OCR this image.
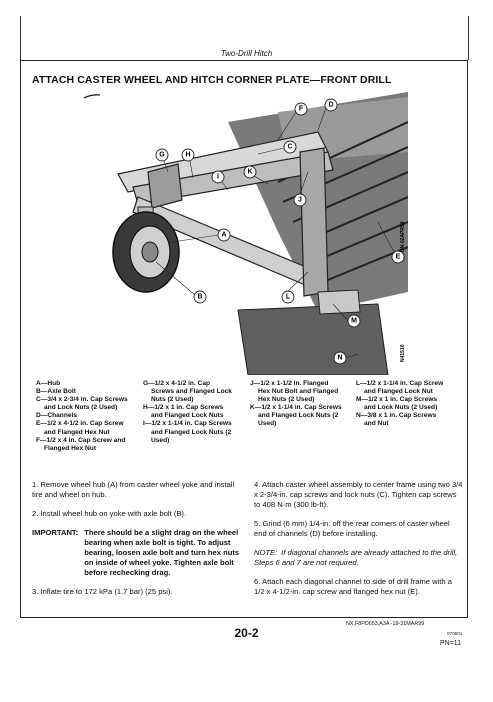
Two-Drill Hitch
ATTACH CASTER WHEEL AND HITCH CORNER PLATE—FRONT DRILL
A
B
C
D
E
F
G	H
I
J
K
L
M
N	N41510
UN-02APR99
A—Hub
B—Axle Bolt
C—3/4 x 2-3/4 in. Cap Screws
and Lock Nuts (2 Used)
D—Channels
E—1/2 x 4-1/2 in. Cap Screw
and Flanged Hex Nut
F—1/2 x 4 in. Cap Screw and
Flanged Hex Nut
G—1/2 x 4-1/2 in. Cap
Screws and Flanged Lock
Nuts (2 Used)
H—1/2 x 1 in. Cap Screws
and Flanged Lock Nuts
I—1/2 x 1-1/4 in. Cap Screws
and Flanged Lock Nuts (2
Used)
J—1/2 x 1-1/2 in. Flanged
Hex Nut Bolt and Flanged
Hex Nuts (2 Used)
K—1/2 x 1-1/4 in. Cap Screws
and Flanged Lock Nuts (2
Used)
L—1/2 x 1-1/4 in. Cap Screw
and Flanged Lock Nut
M—1/2 x 1 in. Cap Screws
and Lock Nuts (2 Used)
N—3/8 x 1 in. Cap Screws
and Nut

1. Remove wheel hub (A) from caster wheel yoke and install tire and wheel on hub.

2. Install wheel hub on yoke with axle bolt (B).

IMPORTANT: There should be a slight drag on the wheel bearing when axle bolt is tight. To adjust bearing, loosen axle bolt and turn hex nuts on inside of wheel yoke. Tighten axle bolt before rechecking drag.

3. Inflate tire to 172 kPa (1.7 bar) (25 psi).

4. Attach caster wheel assembly to center frame using two 3/4 x 2-3/4-in. cap screws and lock nuts (C). Tighten cap screws to 408 N·m (300 lb-ft).

5. Grind (6 mm) 1/4-in. off the rear corners of caster wheel end of channels (D) before installing.

NOTE: If diagonal channels are already attached to the drill, Steps 6 and 7 are not required.

6. Attach each diagonal channel to side of drill frame with a 1/2 x 4-1/2-in. cap screw and flanged hex nut (E).

NX,F8PD653,A3A -19-31MAR99
20-2	070501
PN=11
